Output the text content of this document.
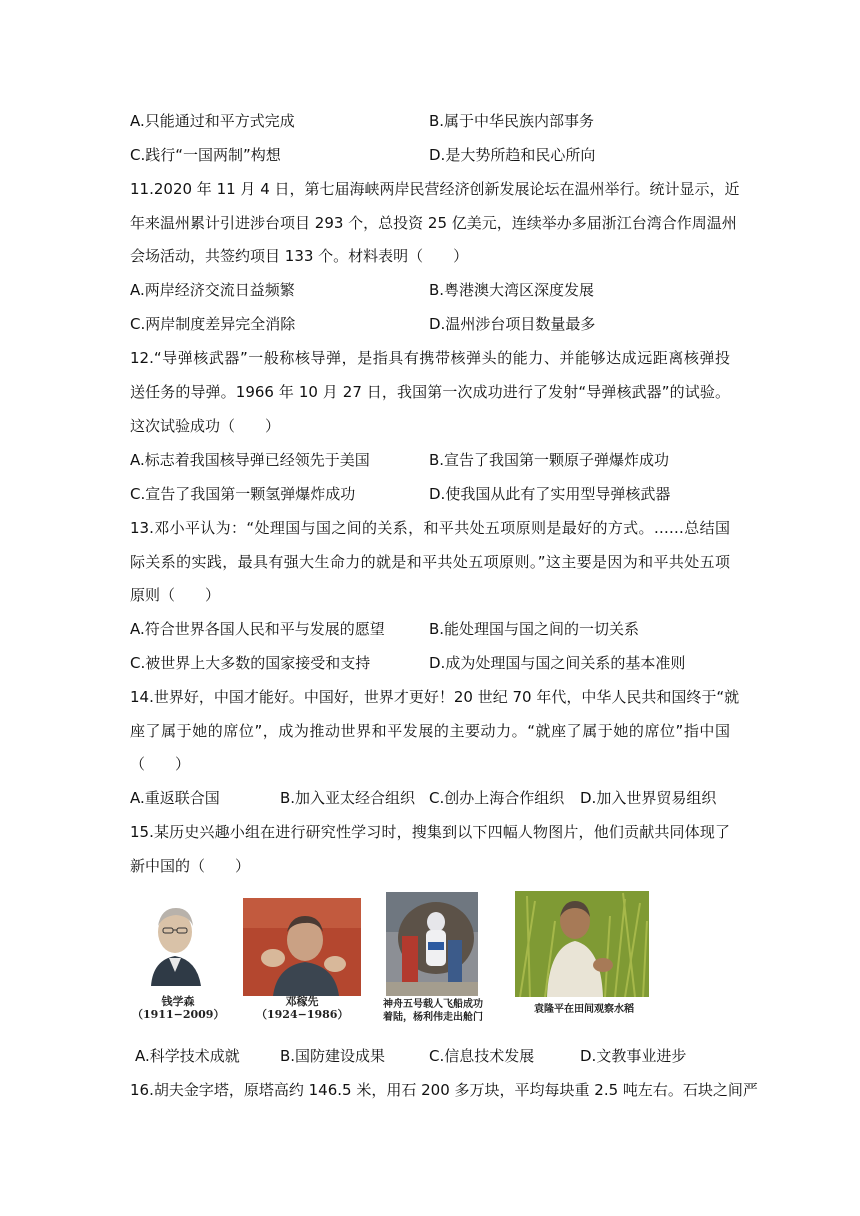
A.只能通过和平方式完成	B.属于中华民族内部事务
C.践行“一国两制”构想	D.是大势所趋和民心所向
11.2020 年 11 月 4 日，第七届海峡两岸民营经济创新发展论坛在温州举行。统计显示，近
年来温州累计引进涉台项目 293 个，总投资 25 亿美元，连续举办多届浙江台湾合作周温州
会场活动，共签约项目 133 个。材料表明（　　）
A.两岸经济交流日益频繁	B.粤港澳大湾区深度发展
C.两岸制度差异完全消除	D.温州涉台项目数量最多
12.“导弹核武器”一般称核导弹，是指具有携带核弹头的能力、并能够达成远距离核弹投
送任务的导弹。1966 年 10 月 27 日，我国第一次成功进行了发射“导弹核武器”的试验。
这次试验成功（　　）
A.标志着我国核导弹已经领先于美国	B.宣告了我国第一颗原子弹爆炸成功
C.宣告了我国第一颗氢弹爆炸成功	D.使我国从此有了实用型导弹核武器
13.邓小平认为：“处理国与国之间的关系，和平共处五项原则是最好的方式。……总结国
际关系的实践，最具有强大生命力的就是和平共处五项原则。”这主要是因为和平共处五项
原则（　　）
A.符合世界各国人民和平与发展的愿望	B.能处理国与国之间的一切关系
C.被世界上大多数的国家接受和支持	D.成为处理国与国之间关系的基本准则
14.世界好，中国才能好。中国好，世界才更好！20 世纪 70 年代，中华人民共和国终于“就
座了属于她的席位”，成为推动世界和平发展的主要动力。“就座了属于她的席位”指中国
（　　）
A.重返联合国	B.加入亚太经合组织 C.创办上海合作组织 D.加入世界贸易组织
15.某历史兴趣小组在进行研究性学习时，搜集到以下四幅人物图片，他们贡献共同体现了
新中国的（　　）
钱学森
（1911−2009）
邓稼先
（1924−1986）
神舟五号载人飞船成功
着陆，杨利伟走出舱门
袁隆平在田间观察水稻
A.科学技术成就	B.国防建设成果	C.信息技术发展	D.文教事业进步
16.胡夫金字塔，原塔高约 146.5 米，用石 200 多万块，平均每块重 2.5 吨左右。石块之间严
